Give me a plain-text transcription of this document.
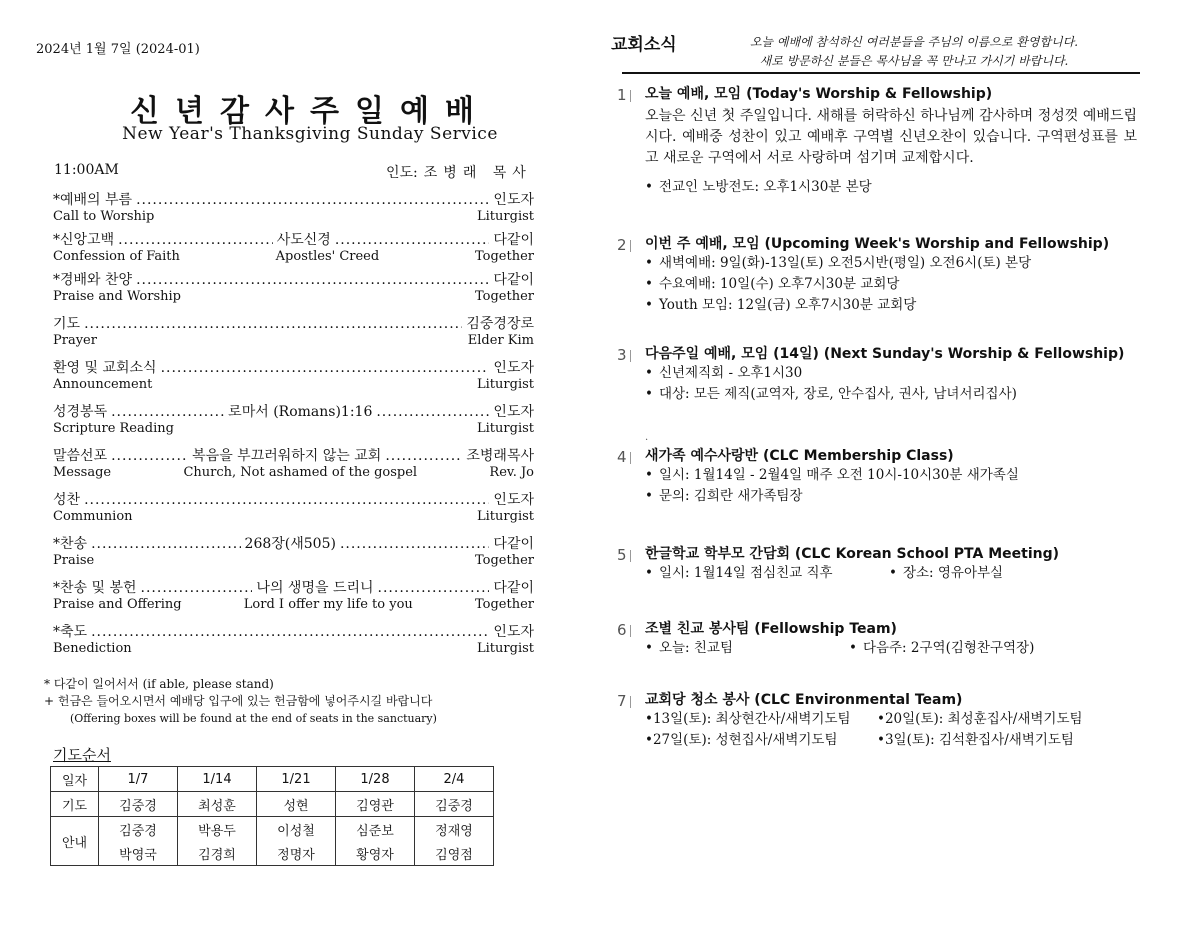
2024년 1월 7일 (2024-01)
신년감사주일예배
New Year's Thanksgiving Sunday Service
11:00AM	인도: 조병래 목사
*예배의 부름 .....	인도자
Call to Worship	Liturgist
*신앙고백 .....	사도신경 .....	다같이
Confession of Faith	Apostles' Creed	Together
*경배와 찬양 .....	다같이
Praise and Worship	Together
기도 .....	김중경장로
Prayer	Elder Kim
환영 및 교회소식 .....	인도자
Announcement	Liturgist
성경봉독 .....	로마서 (Romans)1:16 .....	인도자
Scripture Reading	Liturgist
말씀선포 .....	복음을 부끄러워하지 않는 교회 .....	조병래목사
Message	Church, Not ashamed of the gospel	Rev. Jo
성찬 .....	인도자
Communion	Liturgist
*찬송 .....	268장(새505) .....	다같이
Praise	Together
*찬송 및 봉헌 .....	나의 생명을 드리니 .....	다같이
Praise and Offering	Lord I offer my life to you	Together
*축도 .....	인도자
Benediction	Liturgist
* 다같이 일어서서 (if able, please stand)
+ 헌금은 들어오시면서 예배당 입구에 있는 헌금함에 넣어주시길 바랍니다
(Offering boxes will be found at the end of seats in the sanctuary)
기도순서
일자	1/7	1/14	1/21	1/28	2/4
기도	김중경	최성훈	성현	김영관	김중경
안내	김중경	박용두	이성철	심준보	정재영
	박영국	김경희	정명자	황영자	김영점
교회소식	오늘 예배에 참석하신 여러분들을 주님의 이름으로 환영합니다.
새로 방문하신 분들은 목사님을 꼭 만나고 가시기 바랍니다.
1 오늘 예배, 모임 (Today's Worship & Fellowship)
오늘은 신년 첫 주일입니다. 새해를 허락하신 하나님께 감사하며 정성껏 예배드립시다. 예배중 성찬이 있고 예배후 구역별 신년오찬이 있습니다. 구역편성표를 보고 새로운 구역에서 서로 사랑하며 섬기며 교제합시다.
• 전교인 노방전도: 오후1시30분 본당
2 이번 주 예배, 모임 (Upcoming Week's Worship and Fellowship)
• 새벽예배: 9일(화)-13일(토) 오전5시반(평일) 오전6시(토) 본당
• 수요예배: 10일(수) 오후7시30분 교회당
• Youth 모임: 12일(금) 오후7시30분 교회당
3 다음주일 예배, 모임 (14일) (Next Sunday's Worship & Fellowship)
• 신년제직회 - 오후1시30
• 대상: 모든 제직(교역자, 장로, 안수집사, 권사, 남녀서리집사)
.
4 새가족 예수사랑반 (CLC Membership Class)
• 일시: 1월14일 - 2월4일 매주 오전 10시-10시30분 새가족실
• 문의: 김희란 새가족팀장
5 한글학교 학부모 간담회 (CLC Korean School PTA Meeting)
• 일시: 1월14일 점심친교 직후	• 장소: 영유아부실
6 조별 친교 봉사팀 (Fellowship Team)
• 오늘: 친교팀	• 다음주: 2구역(김형찬구역장)
7 교회당 청소 봉사 (CLC Environmental Team)
•13일(토): 최상현간사/새벽기도팀 •20일(토): 최성훈집사/새벽기도팀
•27일(토): 성현집사/새벽기도팀	•3일(토): 김석환집사/새벽기도팀
